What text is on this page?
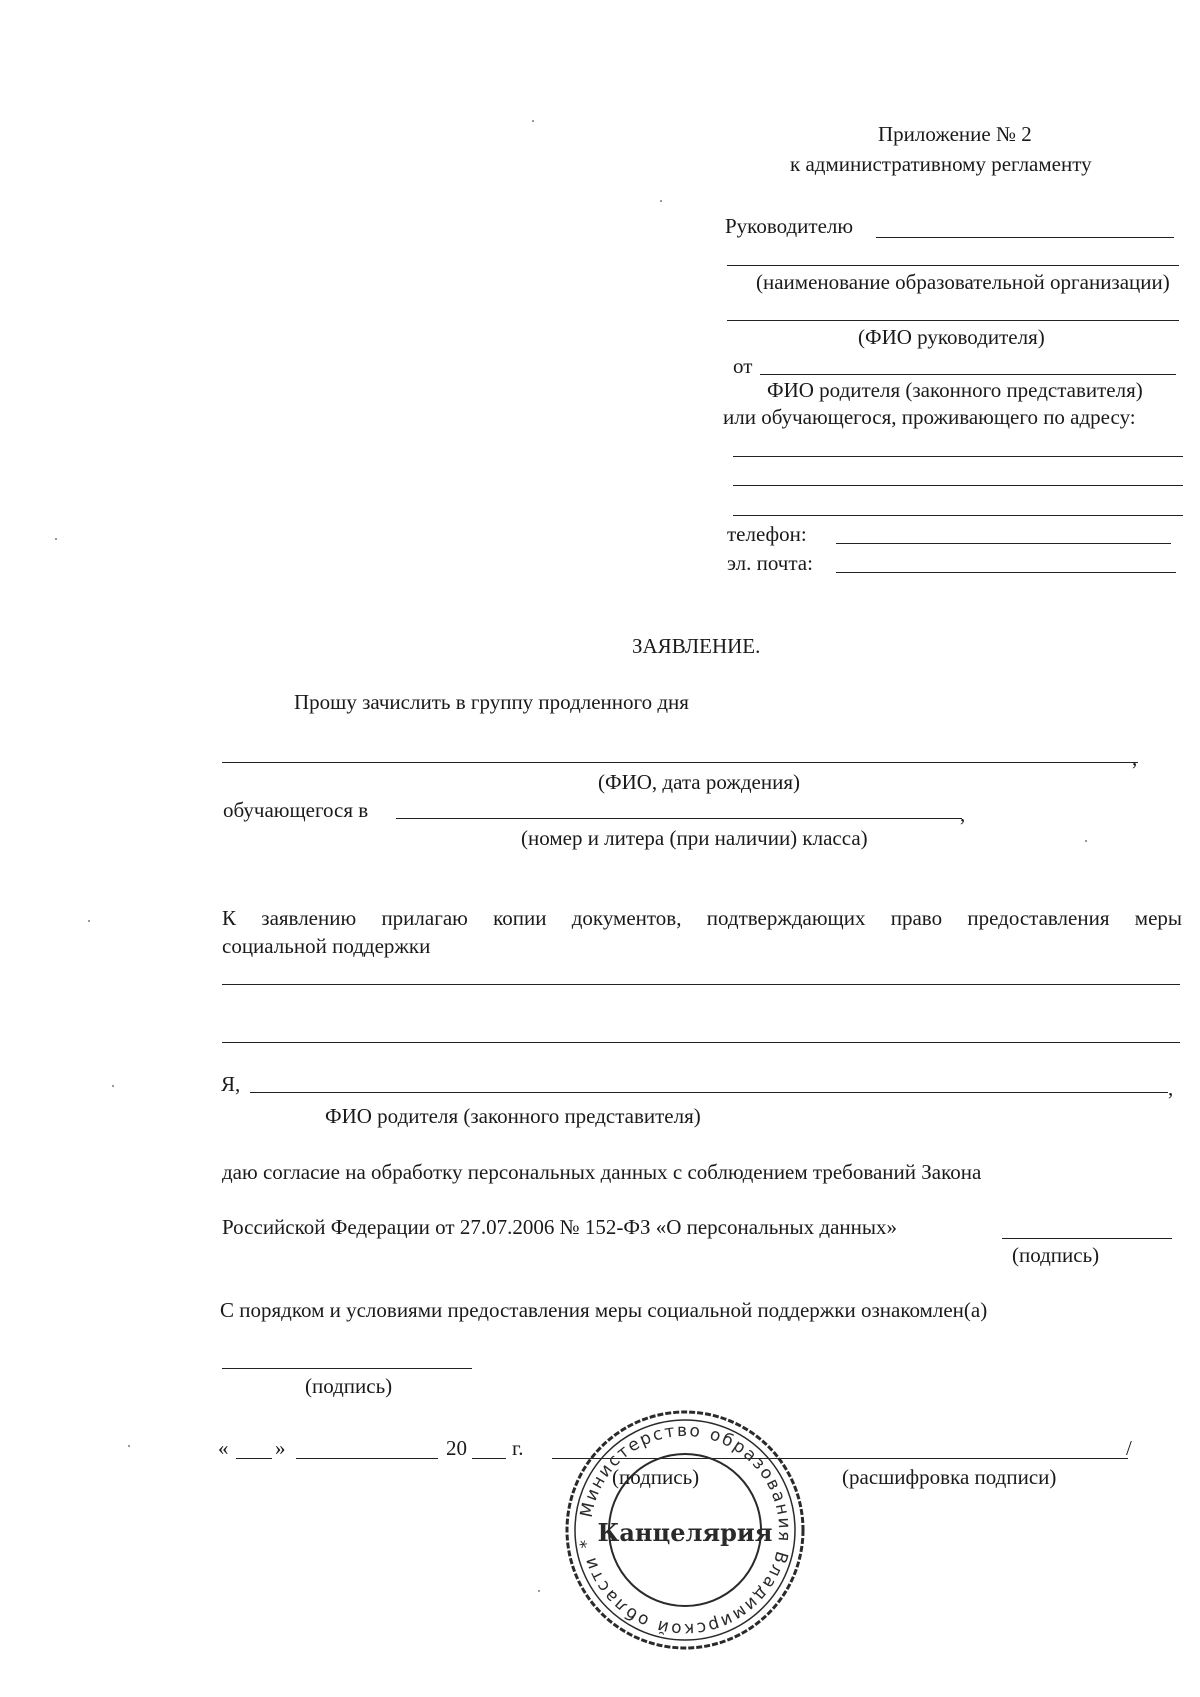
Приложение № 2
к административному регламенту
Руководителю
(наименование образовательной организации)
(ФИО руководителя)
от
ФИО родителя (законного представителя)
или обучающегося, проживающего по адресу:
телефон:
эл. почта:
ЗАЯВЛЕНИЕ.
Прошу зачислить в группу продленного дня
,
(ФИО, дата рождения)
обучающегося в	,
(номер и литера (при наличии) класса)
К заявлению прилагаю копии документов, подтверждающих право предоставления меры
социальной поддержки
Я,	,
ФИО родителя (законного представителя)
даю согласие на обработку персональных данных с соблюдением требований Закона
Российской Федерации от 27.07.2006 № 152-ФЗ «О персональных данных»
(подпись)
С порядком и условиями предоставления меры социальной поддержки ознакомлен(а)
(подпись)
« »	20 г.	/
(подпись)	(расшифровка подписи)
Министерство образования Владимирской области * Канцелярия
